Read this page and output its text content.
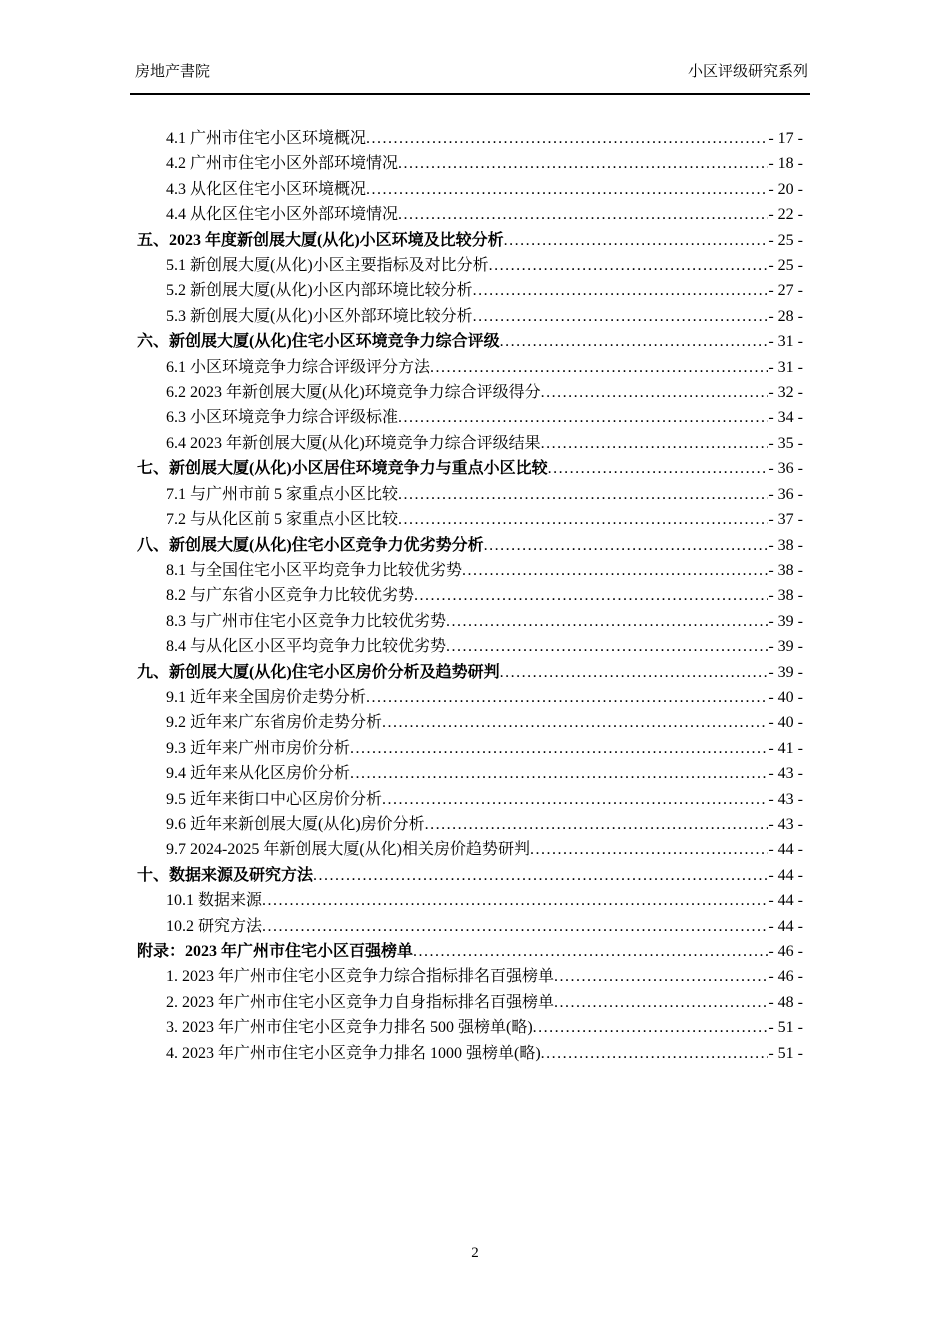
房地产書院	小区评级研究系列
4.1 广州市住宅小区环境概况 .....	- 17 -
4.2 广州市住宅小区外部环境情况 .....	- 18 -
4.3 从化区住宅小区环境概况 .....	- 20 -
4.4 从化区住宅小区外部环境情况 .....	- 22 -
五、2023 年度新创展大厦(从化)小区环境及比较分析 .....	- 25 -
5.1 新创展大厦(从化)小区主要指标及对比分析 .....	- 25 -
5.2 新创展大厦(从化)小区内部环境比较分析 .....	- 27 -
5.3 新创展大厦(从化)小区外部环境比较分析 .....	- 28 -
六、新创展大厦(从化)住宅小区环境竞争力综合评级 .....	- 31 -
6.1 小区环境竞争力综合评级评分方法 .....	- 31 -
6.2 2023 年新创展大厦(从化)环境竞争力综合评级得分 .....	- 32 -
6.3 小区环境竞争力综合评级标准 .....	- 34 -
6.4 2023 年新创展大厦(从化)环境竞争力综合评级结果 .....	- 35 -
七、新创展大厦(从化)小区居住环境竞争力与重点小区比较 .....	- 36 -
7.1 与广州市前 5 家重点小区比较 .....	- 36 -
7.2 与从化区前 5 家重点小区比较 .....	- 37 -
八、新创展大厦(从化)住宅小区竞争力优劣势分析 .....	- 38 -
8.1 与全国住宅小区平均竞争力比较优劣势 .....	- 38 -
8.2 与广东省小区竞争力比较优劣势 .....	- 38 -
8.3 与广州市住宅小区竞争力比较优劣势 .....	- 39 -
8.4 与从化区小区平均竞争力比较优劣势 .....	- 39 -
九、新创展大厦(从化)住宅小区房价分析及趋势研判 .....	- 39 -
9.1 近年来全国房价走势分析 .....	- 40 -
9.2 近年来广东省房价走势分析 .....	- 40 -
9.3 近年来广州市房价分析 .....	- 41 -
9.4 近年来从化区房价分析 .....	- 43 -
9.5 近年来街口中心区房价分析 .....	- 43 -
9.6 近年来新创展大厦(从化)房价分析 .....	- 43 -
9.7 2024-2025 年新创展大厦(从化)相关房价趋势研判 .....	- 44 -
十、数据来源及研究方法 .....	- 44 -
10.1 数据来源 .....	- 44 -
10.2 研究方法 .....	- 44 -
附录：2023 年广州市住宅小区百强榜单 .....	- 46 -
1. 2023 年广州市住宅小区竞争力综合指标排名百强榜单 .....	- 46 -
2. 2023 年广州市住宅小区竞争力自身指标排名百强榜单 .....	- 48 -
3. 2023 年广州市住宅小区竞争力排名 500 强榜单(略) .....	- 51 -
4. 2023 年广州市住宅小区竞争力排名 1000 强榜单(略) .....	- 51 -
2
